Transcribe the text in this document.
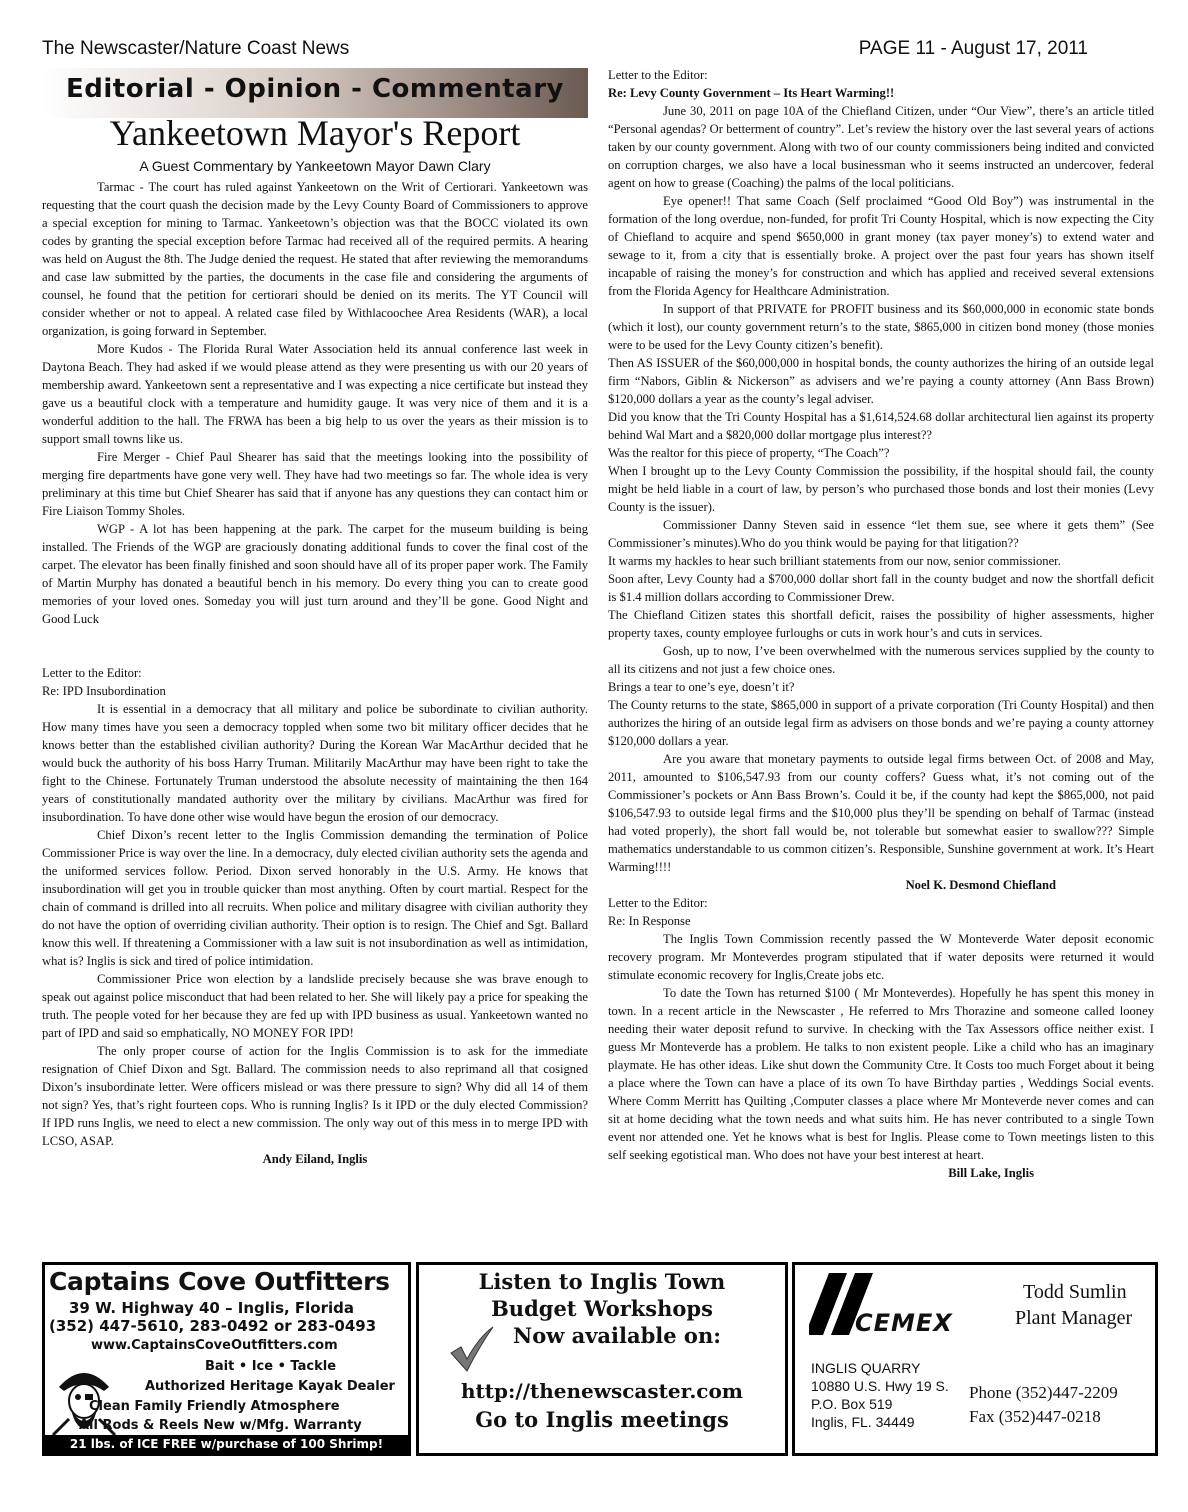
The Newscaster/Nature Coast News	PAGE 11 - August 17, 2011
Editorial - Opinion - Commentary
Yankeetown Mayor's Report
A Guest Commentary by Yankeetown Mayor Dawn Clary

Tarmac - The court has ruled against Yankeetown on the Writ of Certiorari. Yankeetown was requesting that the court quash the decision made by the Levy County Board of Commissioners to approve a special exception for mining to Tarmac. Yankeetown’s objection was that the BOCC violated its own codes by granting the special exception before Tarmac had received all of the required permits. A hearing was held on August the 8th. The Judge denied the request. He stated that after reviewing the memorandums and case law submitted by the parties, the documents in the case file and considering the arguments of counsel, he found that the petition for certiorari should be denied on its merits. The YT Council will consider whether or not to appeal. A related case filed by Withlacoochee Area Residents (WAR), a local organization, is going forward in September.

More Kudos - The Florida Rural Water Association held its annual conference last week in Daytona Beach. They had asked if we would please attend as they were presenting us with our 20 years of membership award. Yankeetown sent a representative and I was expecting a nice certificate but instead they gave us a beautiful clock with a temperature and humidity gauge. It was very nice of them and it is a wonderful addition to the hall. The FRWA has been a big help to us over the years as their mission is to support small towns like us.

Fire Merger - Chief Paul Shearer has said that the meetings looking into the possibility of merging fire departments have gone very well. They have had two meetings so far. The whole idea is very preliminary at this time but Chief Shearer has said that if anyone has any questions they can contact him or Fire Liaison Tommy Sholes.

WGP - A lot has been happening at the park. The carpet for the museum building is being installed. The Friends of the WGP are graciously donating additional funds to cover the final cost of the carpet. The elevator has been finally finished and soon should have all of its proper paper work. The Family of Martin Murphy has donated a beautiful bench in his memory. Do every thing you can to create good memories of your loved ones. Someday you will just turn around and they’ll be gone. Good Night and Good Luck

Letter to the Editor:

Re: IPD Insubordination

It is essential in a democracy that all military and police be subordinate to civilian authority. How many times have you seen a democracy toppled when some two bit military officer decides that he knows better than the established civilian authority? During the Korean War MacArthur decided that he would buck the authority of his boss Harry Truman. Militarily MacArthur may have been right to take the fight to the Chinese. Fortunately Truman understood the absolute necessity of maintaining the then 164 years of constitutionally mandated authority over the military by civilians. MacArthur was fired for insubordination. To have done other wise would have begun the erosion of our democracy.

Chief Dixon’s recent letter to the Inglis Commission demanding the termination of Police Commissioner Price is way over the line. In a democracy, duly elected civilian authority sets the agenda and the uniformed services follow. Period. Dixon served honorably in the U.S. Army. He knows that insubordination will get you in trouble quicker than most anything. Often by court martial. Respect for the chain of command is drilled into all recruits. When police and military disagree with civilian authority they do not have the option of overriding civilian authority. Their option is to resign. The Chief and Sgt. Ballard know this well. If threatening a Commissioner with a law suit is not insubordination as well as intimidation, what is? Inglis is sick and tired of police intimidation.

Commissioner Price won election by a landslide precisely because she was brave enough to speak out against police misconduct that had been related to her. She will likely pay a price for speaking the truth. The people voted for her because they are fed up with IPD business as usual. Yankeetown wanted no part of IPD and said so emphatically, NO MONEY FOR IPD!

The only proper course of action for the Inglis Commission is to ask for the immediate resignation of Chief Dixon and Sgt. Ballard. The commission needs to also reprimand all that cosigned Dixon’s insubordinate letter. Were officers mislead or was there pressure to sign? Why did all 14 of them not sign? Yes, that’s right fourteen cops. Who is running Inglis? Is it IPD or the duly elected Commission? If IPD runs Inglis, we need to elect a new commission. The only way out of this mess in to merge IPD with LCSO, ASAP.

Andy Eiland, Inglis

Letter to the Editor:

Re: Levy County Government – Its Heart Warming!!

June 30, 2011 on page 10A of the Chiefland Citizen, under “Our View”, there’s an article titled “Personal agendas? Or betterment of country”. Let’s review the history over the last several years of actions taken by our county government. Along with two of our county commissioners being indited and convicted on corruption charges, we also have a local businessman who it seems instructed an undercover, federal agent on how to grease (Coaching) the palms of the local politicians.

Eye opener!! That same Coach (Self proclaimed “Good Old Boy”) was instrumental in the formation of the long overdue, non-funded, for profit Tri County Hospital, which is now expecting the City of Chiefland to acquire and spend $650,000 in grant money (tax payer money’s) to extend water and sewage to it, from a city that is essentially broke. A project over the past four years has shown itself incapable of raising the money’s for construction and which has applied and received several extensions from the Florida Agency for Healthcare Administration.

In support of that PRIVATE for PROFIT business and its $60,000,000 in economic state bonds (which it lost), our county government return’s to the state, $865,000 in citizen bond money (those monies were to be used for the Levy County citizen’s benefit).

Then AS ISSUER of the $60,000,000 in hospital bonds, the county authorizes the hiring of an outside legal firm “Nabors, Giblin & Nickerson” as advisers and we’re paying a county attorney (Ann Bass Brown) $120,000 dollars a year as the county’s legal adviser.

Did you know that the Tri County Hospital has a $1,614,524.68 dollar architectural lien against its property behind Wal Mart and a $820,000 dollar mortgage plus interest??

Was the realtor for this piece of property, “The Coach”?

When I brought up to the Levy County Commission the possibility, if the hospital should fail, the county might be held liable in a court of law, by person’s who purchased those bonds and lost their monies (Levy County is the issuer).

Commissioner Danny Steven said in essence “let them sue, see where it gets them” (See Commissioner’s minutes).Who do you think would be paying for that litigation??

It warms my hackles to hear such brilliant statements from our now, senior commissioner.

Soon after, Levy County had a $700,000 dollar short fall in the county budget and now the shortfall deficit is $1.4 million dollars according to Commissioner Drew.

The Chiefland Citizen states this shortfall deficit, raises the possibility of higher assessments, higher property taxes, county employee furloughs or cuts in work hour’s and cuts in services.

Gosh, up to now, I’ve been overwhelmed with the numerous services supplied by the county to all its citizens and not just a few choice ones.

Brings a tear to one’s eye, doesn’t it?

The County returns to the state, $865,000 in support of a private corporation (Tri County Hospital) and then authorizes the hiring of an outside legal firm as advisers on those bonds and we’re paying a county attorney $120,000 dollars a year.

Are you aware that monetary payments to outside legal firms between Oct. of 2008 and May, 2011, amounted to $106,547.93 from our county coffers? Guess what, it’s not coming out of the Commissioner’s pockets or Ann Bass Brown’s. Could it be, if the county had kept the $865,000, not paid $106,547.93 to outside legal firms and the $10,000 plus they’ll be spending on behalf of Tarmac (instead had voted properly), the short fall would be, not tolerable but somewhat easier to swallow??? Simple mathematics understandable to us common citizen’s. Responsible, Sunshine government at work. It’s Heart Warming!!!!

Noel K. Desmond Chiefland

Letter to the Editor:

Re: In Response

The Inglis Town Commission recently passed the W Monteverde Water deposit economic recovery program. Mr Monteverdes program stipulated that if water deposits were returned it would stimulate economic recovery for Inglis,Create jobs etc.

To date the Town has returned $100 ( Mr Monteverdes). Hopefully he has spent this money in town. In a recent article in the Newscaster , He referred to Mrs Thorazine and someone called looney needing their water deposit refund to survive. In checking with the Tax Assessors office neither exist. I guess Mr Monteverde has a problem. He talks to non existent people. Like a child who has an imaginary playmate. He has other ideas. Like shut down the Community Ctre. It Costs too much Forget about it being a place where the Town can have a place of its own To have Birthday parties , Weddings Social events. Where Comm Merritt has Quilting ,Computer classes a place where Mr Monteverde never comes and can sit at home deciding what the town needs and what suits him. He has never contributed to a single Town event nor attended one. Yet he knows what is best for Inglis. Please come to Town meetings listen to this self seeking egotistical man. Who does not have your best interest at heart.

Bill Lake, Inglis

Captains Cove Outfitters
39 W. Highway 40 – Inglis, Florida
(352) 447-5610, 283-0492 or 283-0493
www.CaptainsCoveOutfitters.com
Bait • Ice • Tackle
Authorized Heritage Kayak Dealer
Clean Family Friendly Atmosphere
All Rods & Reels New w/Mfg. Warranty
21 lbs. of ICE FREE w/purchase of 100 Shrimp!
Listen to Inglis Town
Budget Workshops
Now available on:
http://thenewscaster.com
Go to Inglis meetings
CEMEX
Todd Sumlin
Plant Manager
INGLIS QUARRY
10880 U.S. Hwy 19 S.
P.O. Box 519
Inglis, FL. 34449
Phone (352)447-2209
Fax (352)447-0218
